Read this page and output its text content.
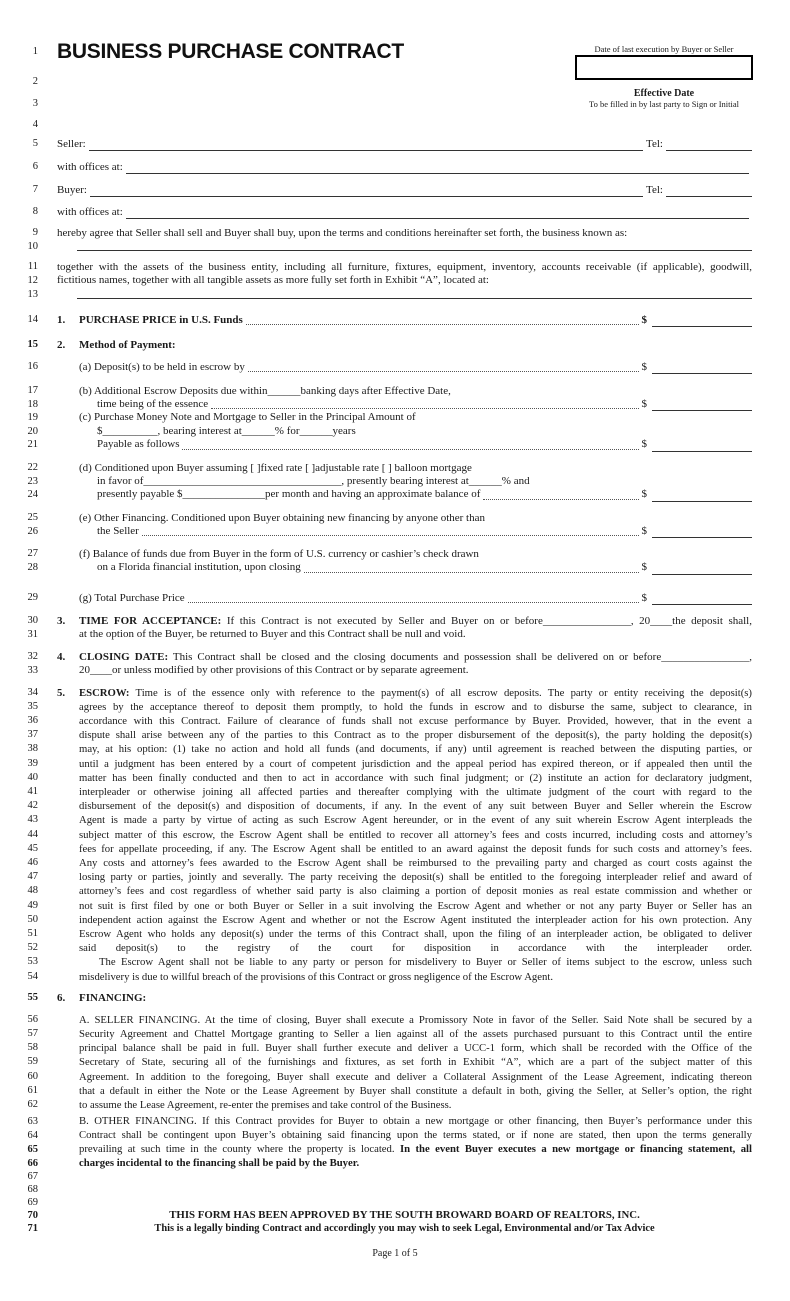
1
2
3
4
BUSINESS PURCHASE CONTRACT	Date of last execution by Buyer or Seller
Effective Date
To be filled in by last party to Sign or Initial
5 Seller:	Tel:
6 with offices at:
7 Buyer:	Tel:
8 with offices at:
9 hereby agree that Seller shall sell and Buyer shall buy, upon the terms and conditions hereinafter set forth, the business known as:
10
11 together with the assets of the business entity, including all furniture, fixtures, equipment, inventory, accounts receivable (if applicable), goodwill,
12 fictitious names, together with all tangible assets as more fully set forth in Exhibit “A”, located at:
13
14 1.	PURCHASE PRICE in U.S. Funds	$
15 2.	Method of Payment:
16	(a) Deposit(s) to be held in escrow by	$
17	(b) Additional Escrow Deposits due within______banking days after Effective Date,
18	time being of the essence	$
19	(c) Purchase Money Note and Mortgage to Seller in the Principal Amount of
20	$__________, bearing interest at______% for______years
21	Payable as follows	$
22	(d) Conditioned upon Buyer assuming [ ]fixed rate [ ]adjustable rate [ ] balloon mortgage
23	in favor of____________________________________, presently bearing interest at______% and
24	presently payable $_______________per month and having an approximate balance of	$
25	(e) Other Financing. Conditioned upon Buyer obtaining new financing by anyone other than
26	the Seller	$
27	(f) Balance of funds due from Buyer in the form of U.S. currency or cashier’s check drawn
28	on a Florida financial institution, upon closing	$
29	(g) Total Purchase Price	$
30 3.	TIME FOR ACCEPTANCE: If this Contract is not executed by Seller and Buyer on or before________________, 20____the deposit shall,
31	at the option of the Buyer, be returned to Buyer and this Contract shall be null and void.
32 4.	CLOSING DATE: This Contract shall be closed and the closing documents and possession shall be delivered on or before________________,
33	20____or unless modified by other provisions of this Contract or by separate agreement.
34
35
36
37
38
39
40
41
42
43
44
45
46
47
48
49
50
51
52
53
54
5.	ESCROW: Time is of the essence only with reference to the payment(s) of all escrow deposits. The party or entity receiving the deposit(s)
agrees by the acceptance thereof to deposit them promptly, to hold the funds in escrow and to disburse the same, subject to clearance, in
accordance with this Contract. Failure of clearance of funds shall not excuse performance by Buyer. Provided, however, that in the event a
dispute shall arise between any of the parties to this Contract as to the proper disbursement of the deposit(s), the party holding the deposit(s)
may, at his option: (1) take no action and hold all funds (and documents, if any) until agreement is reached between the disputing parties, or
until a judgment has been entered by a court of competent jurisdiction and the appeal period has expired thereon, or if appealed then until the
matter has been finally conducted and then to act in accordance with such final judgment; or (2) institute an action for declaratory judgment,
interpleader or otherwise joining all affected parties and thereafter complying with the ultimate judgment of the court with regard to the
disbursement of the deposit(s) and disposition of documents, if any. In the event of any suit between Buyer and Seller wherein the Escrow
Agent is made a party by virtue of acting as such Escrow Agent hereunder, or in the event of any suit wherein Escrow Agent interpleads the
subject matter of this escrow, the Escrow Agent shall be entitled to recover all attorney’s fees and costs incurred, including costs and attorney’s
fees for appellate proceeding, if any. The Escrow Agent shall be entitled to an award against the deposit funds for such costs and attorney’s fees.
Any costs and attorney’s fees awarded to the Escrow Agent shall be reimbursed to the prevailing party and charged as court costs against the
losing party or parties, jointly and severally. The party receiving the deposit(s) shall be entitled to the foregoing interpleader relief and award of
attorney’s fees and cost regardless of whether said party is also claiming a portion of deposit monies as real estate commission and whether or
not suit is first filed by one or both Buyer or Seller in a suit involving the Escrow Agent and whether or not any party Buyer or Seller has an
independent action against the Escrow Agent and whether or not the Escrow Agent instituted the interpleader action for his own protection. Any
Escrow Agent who holds any deposit(s) under the terms of this Contract shall, upon the filing of an interpleader action, be obligated to deliver
said deposit(s) to the registry of the court for disposition in accordance with the interpleader order.
The Escrow Agent shall not be liable to any party or person for misdelivery to Buyer or Seller of items subject to the escrow, unless such
misdelivery is due to willful breach of the provisions of this Contract or gross negligence of the Escrow Agent.
55 6.	FINANCING:
56
57
58
59
60
61
62
A. SELLER FINANCING. At the time of closing, Buyer shall execute a Promissory Note in favor of the Seller. Said Note shall be secured by a
Security Agreement and Chattel Mortgage granting to Seller a lien against all of the assets purchased pursuant to this Contract until the entire
principal balance shall be paid in full. Buyer shall further execute and deliver a UCC-1 form, which shall be recorded with the Office of the
Secretary of State, securing all of the furnishings and fixtures, as set forth in Exhibit “A”, which are a part of the subject matter of this
Agreement. In addition to the foregoing, Buyer shall execute and deliver a Collateral Assignment of the Lease Agreement, indicating thereon
that a default in either the Note or the Lease Agreement by Buyer shall constitute a default in both, giving the Seller, at Seller’s option, the right
to assume the Lease Agreement, re-enter the premises and take control of the Business.
63
64
65
66
B. OTHER FINANCING. If this Contract provides for Buyer to obtain a new mortgage or other financing, then Buyer’s performance under this
Contract shall be contingent upon Buyer’s obtaining said financing upon the terms stated, or if none are stated, then upon the terms generally
prevailing at such time in the county where the property is located. In the event Buyer executes a new mortgage or financing statement, all
charges incidental to the financing shall be paid by the Buyer.
67
68
69
70	THIS FORM HAS BEEN APPROVED BY THE SOUTH BROWARD BOARD OF REALTORS, INC.
71	This is a legally binding Contract and accordingly you may wish to seek Legal, Environmental and/or Tax Advice
Page 1 of 5
